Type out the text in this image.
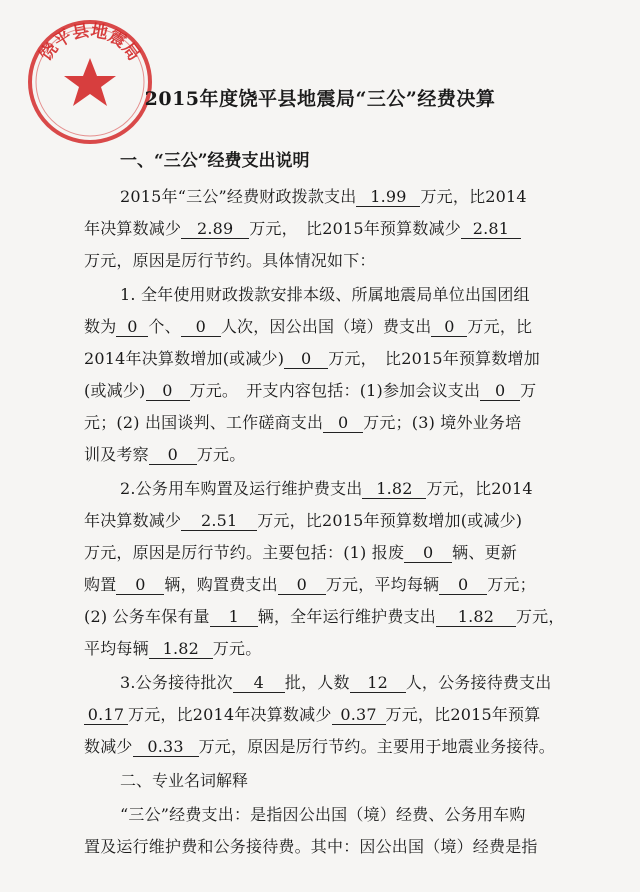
饶平县地震局
2015年度饶平县地震局“三公”经费决算
一、“三公”经费支出说明
2015年“三公”经费财政拨款支出 1.99 万元，比2014
年决算数减少 2.89 万元，　比2015年预算数减少 2.81
万元，原因是厉行节约。具体情况如下：
1. 全年使用财政拨款安排本级、所属地震局单位出国团组
数为 0 个、 0 人次，因公出国（境）费支出 0 万元，比
2014年决算数增加(或减少) 0 万元，　比2015年预算数增加
(或减少) 0 万元。　开支内容包括：(1)参加会议支出 0 万
元；(2) 出国谈判、工作磋商支出 0 万元；(3) 境外业务培
训及考察 0 万元。
2.公务用车购置及运行维护费支出 1.82 万元，比2014
年决算数减少 2.51 万元，比2015年预算数增加(或减少)
万元，原因是厉行节约。主要包括：(1) 报废 0 辆、更新
购置 0 辆，购置费支出 0 万元，平均每辆 0 万元；
(2) 公务车保有量 1 辆，全年运行维护费支出 1.82 万元，
平均每辆 1.82 万元。
3.公务接待批次 4 批，人数 12 人，公务接待费支出
0.17 万元，比2014年决算数减少 0.37 万元，比2015年预算
数减少 0.33 万元，原因是厉行节约。主要用于地震业务接待。
二、专业名词解释
“三公”经费支出：是指因公出国（境）经费、公务用车购
置及运行维护费和公务接待费。其中：因公出国（境）经费是指
